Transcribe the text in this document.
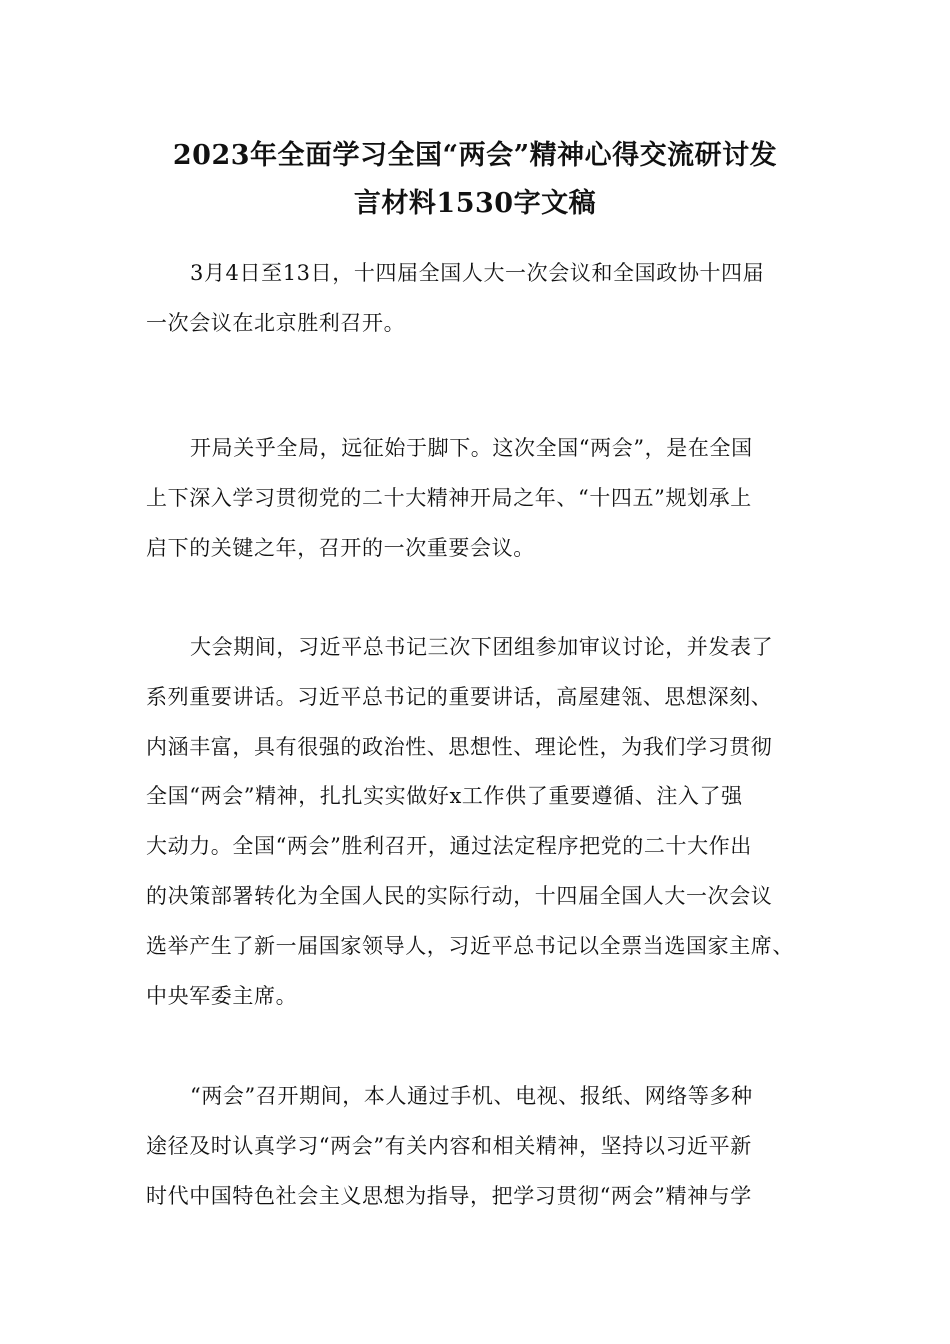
2023年全面学习全国“两会”精神心得交流研讨发
言材料1530字文稿
3月4日至13日，十四届全国人大一次会议和全国政协十四届
一次会议在北京胜利召开。
开局关乎全局，远征始于脚下。这次全国“两会”，是在全国
上下深入学习贯彻党的二十大精神开局之年、“十四五”规划承上
启下的关键之年，召开的一次重要会议。
大会期间，习近平总书记三次下团组参加审议讨论，并发表了
系列重要讲话。习近平总书记的重要讲话，高屋建瓴、思想深刻、
内涵丰富，具有很强的政治性、思想性、理论性，为我们学习贯彻
全国“两会”精神，扎扎实实做好x工作供了重要遵循、注入了强
大动力。全国“两会”胜利召开，通过法定程序把党的二十大作出
的决策部署转化为全国人民的实际行动，十四届全国人大一次会议
选举产生了新一届国家领导人，习近平总书记以全票当选国家主席、
中央军委主席。
“两会”召开期间，本人通过手机、电视、报纸、网络等多种
途径及时认真学习“两会”有关内容和相关精神，坚持以习近平新
时代中国特色社会主义思想为指导，把学习贯彻“两会”精神与学
